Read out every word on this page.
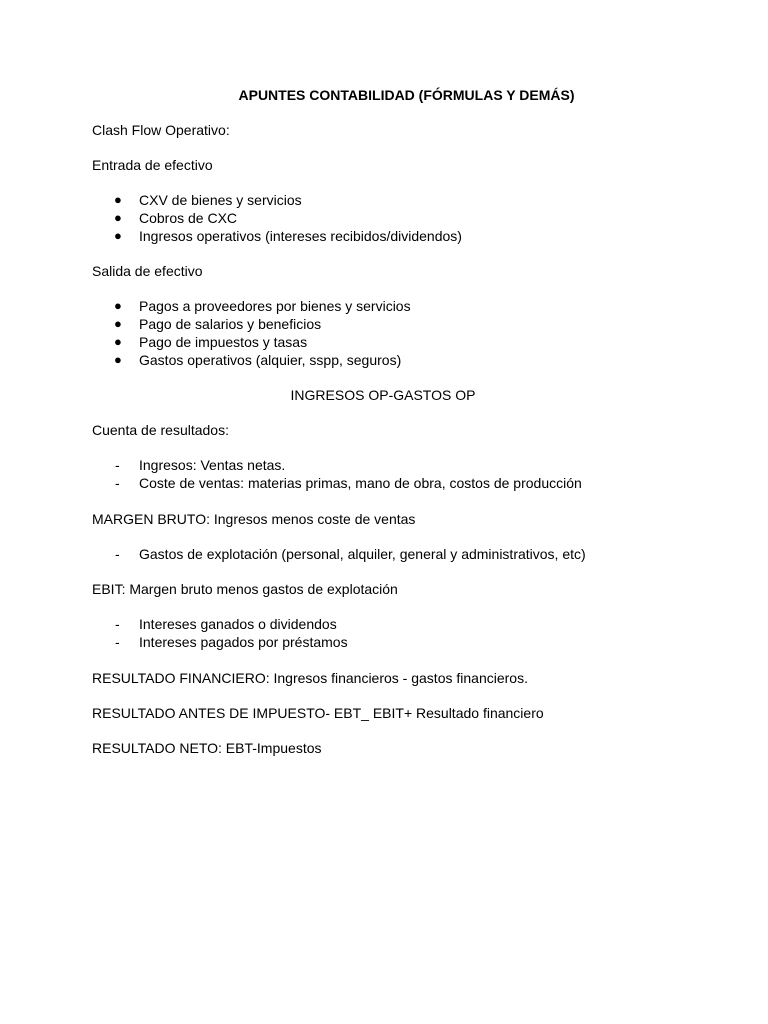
APUNTES CONTABILIDAD (FÓRMULAS Y DEMÁS)
Clash Flow Operativo:
Entrada de efectivo
● CXV de bienes y servicios
● Cobros de CXC
● Ingresos operativos (intereses recibidos/dividendos)
Salida de efectivo
● Pagos a proveedores por bienes y servicios
● Pago de salarios y beneficios
● Pago de impuestos y tasas
● Gastos operativos (alquier, sspp, seguros)
INGRESOS OP-GASTOS OP
Cuenta de resultados:
- Ingresos: Ventas netas.
- Coste de ventas: materias primas, mano de obra, costos de producción
MARGEN BRUTO: Ingresos menos coste de ventas
- Gastos de explotación (personal, alquiler, general y administrativos, etc)
EBIT: Margen bruto menos gastos de explotación
- Intereses ganados o dividendos
- Intereses pagados por préstamos
RESULTADO FINANCIERO: Ingresos financieros - gastos financieros.
RESULTADO ANTES DE IMPUESTO- EBT_ EBIT+ Resultado financiero
RESULTADO NETO: EBT-Impuestos
